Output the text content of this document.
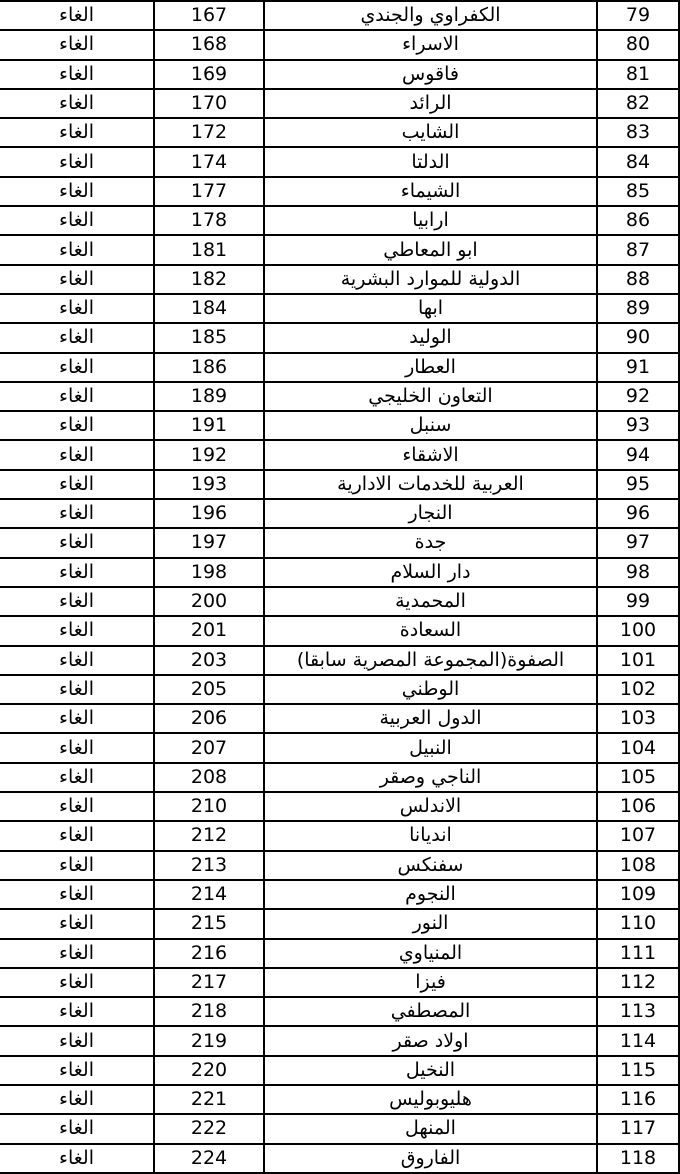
79	الكفراوي والجندي	167	الغاء
80	الاسراء	168	الغاء
81	فاقوس	169	الغاء
82	الرائد	170	الغاء
83	الشايب	172	الغاء
84	الدلتا	174	الغاء
85	الشيماء	177	الغاء
86	ارابيا	178	الغاء
87	ابو المعاطي	181	الغاء
88	الدولية للموارد البشرية	182	الغاء
89	ابها	184	الغاء
90	الوليد	185	الغاء
91	العطار	186	الغاء
92	التعاون الخليجي	189	الغاء
93	سنبل	191	الغاء
94	الاشقاء	192	الغاء
95	العربية للخدمات الادارية	193	الغاء
96	النجار	196	الغاء
97	جدة	197	الغاء
98	دار السلام	198	الغاء
99	المحمدية	200	الغاء
100	السعادة	201	الغاء
101	الصفوة(المجموعة المصرية سابقا)	203	الغاء
102	الوطني	205	الغاء
103	الدول العربية	206	الغاء
104	النبيل	207	الغاء
105	الناجي وصقر	208	الغاء
106	الاندلس	210	الغاء
107	انديانا	212	الغاء
108	سفنكس	213	الغاء
109	النجوم	214	الغاء
110	النور	215	الغاء
111	المنياوي	216	الغاء
112	فيزا	217	الغاء
113	المصطفي	218	الغاء
114	اولاد صقر	219	الغاء
115	النخيل	220	الغاء
116	هليوبوليس	221	الغاء
117	المنهل	222	الغاء
118	الفاروق	224	الغاء
